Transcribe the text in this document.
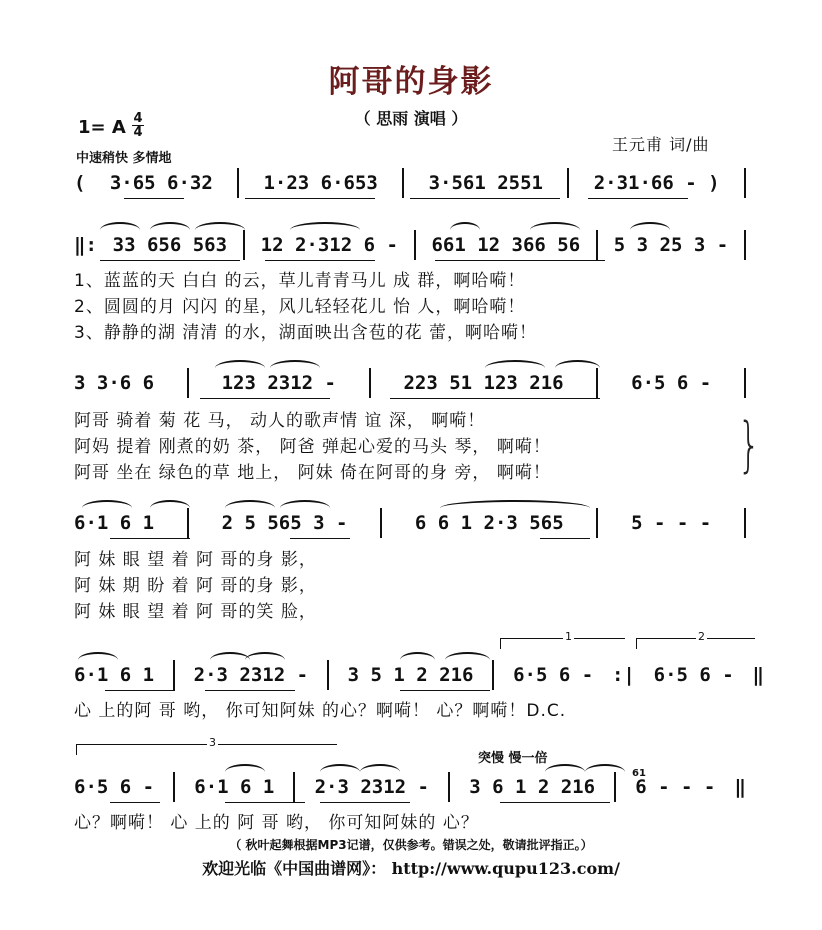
阿哥的身影
（ 思雨 演唱 ）
1= A 4
4
中速稍快 多情地
王元甫 词/曲
( 3·65 6·32	1·23 6·653	3·561 2551	2·31·66 - )
‖: 33 656 563 12 2·312 6 - 661 12 366 56 5 3 25 3 -
1、蓝蓝的天 白白 的云，草儿青青马儿 成 群，啊哈嗬！
2、圆圆的月 闪闪 的星，风儿轻轻花儿 怡 人，啊哈嗬！
3、静静的湖 清清 的水，湖面映出含苞的花 蕾，啊哈嗬！
3 3·6 6	123 2312 -	223 51 123 216	6·5 6 -
阿哥 骑着 菊 花 马， 动人的歌声情 谊 深， 啊嗬！
阿妈 提着 刚煮的奶 茶， 阿爸 弹起心爱的马头 琴， 啊嗬！
阿哥 坐在 绿色的草 地上， 阿妹 倚在阿哥的身 旁， 啊嗬！	}
6·1 6 1	2 5 565 3 -	6 6 1 2·3 565	5 - - -
阿 妹 眼 望 着 阿 哥的身 影，
阿 妹 期 盼 着 阿 哥的身 影，
阿 妹 眼 望 着 阿 哥的笑 脸，
1	2
6·1 6 1 2·3 2312 - 3 5 1 2 216 6·5 6 - :| 6·5 6 - ‖
心 上的阿 哥 哟， 你可知阿妹 的心？啊嗬！ 心？啊嗬！D.C.
3
突慢 慢一倍
61
6·5 6 - 6·1 6 1 2·3 2312 - 3 6 1 2 216 6 - - - ‖
心？啊嗬！ 心 上的 阿 哥 哟， 你可知阿妹的 心？
（ 秋叶起舞根据MP3记谱，仅供参考。错误之处，敬请批评指正。）
欢迎光临《中国曲谱网》： http://www.qupu123.com/
